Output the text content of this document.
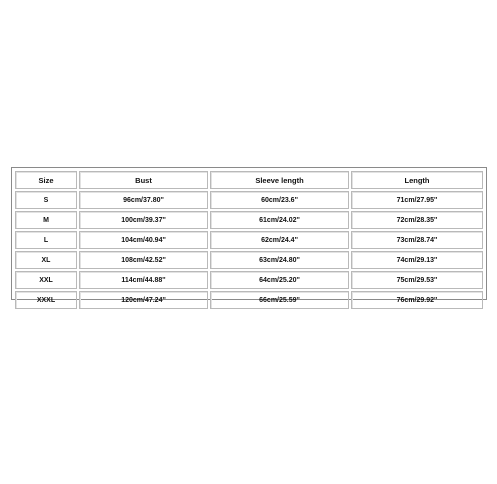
Size	Bust	Sleeve length	Length
S	96cm/37.80''	60cm/23.6''	71cm/27.95''
M	100cm/39.37''	61cm/24.02''	72cm/28.35''
L	104cm/40.94''	62cm/24.4''	73cm/28.74''
XL	108cm/42.52''	63cm/24.80''	74cm/29.13''
XXL	114cm/44.88''	64cm/25.20''	75cm/29.53''
XXXL	120cm/47.24''	66cm/25.59''	76cm/29.92''
